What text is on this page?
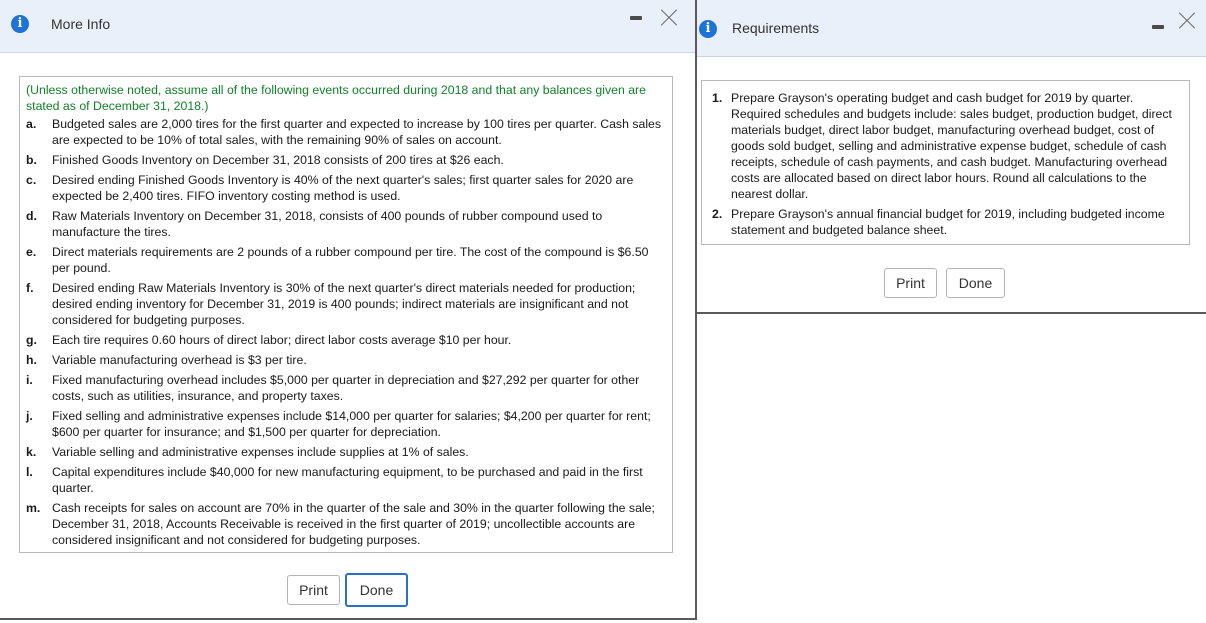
i	More Info
(Unless otherwise noted, assume all of the following events occurred during 2018 and that any balances given are stated as of December 31, 2018.)
a.	Budgeted sales are 2,000 tires for the first quarter and expected to increase by 100 tires per quarter. Cash sales are expected to be 10% of total sales, with the remaining 90% of sales on account.
b.	Finished Goods Inventory on December 31, 2018 consists of 200 tires at $26 each.
c.	Desired ending Finished Goods Inventory is 40% of the next quarter's sales; first quarter sales for 2020 are expected be 2,400 tires. FIFO inventory costing method is used.
d.	Raw Materials Inventory on December 31, 2018, consists of 400 pounds of rubber compound used to manufacture the tires.
e.	Direct materials requirements are 2 pounds of a rubber compound per tire. The cost of the compound is $6.50 per pound.
f.	Desired ending Raw Materials Inventory is 30% of the next quarter's direct materials needed for production; desired ending inventory for December 31, 2019 is 400 pounds; indirect materials are insignificant and not considered for budgeting purposes.
g.	Each tire requires 0.60 hours of direct labor; direct labor costs average $10 per hour.
h.	Variable manufacturing overhead is $3 per tire.
i.	Fixed manufacturing overhead includes $5,000 per quarter in depreciation and $27,292 per quarter for other costs, such as utilities, insurance, and property taxes.
j.	Fixed selling and administrative expenses include $14,000 per quarter for salaries; $4,200 per quarter for rent; $600 per quarter for insurance; and $1,500 per quarter for depreciation.
k.	Variable selling and administrative expenses include supplies at 1% of sales.
l.	Capital expenditures include $40,000 for new manufacturing equipment, to be purchased and paid in the first quarter.
m. Cash receipts for sales on account are 70% in the quarter of the sale and 30% in the quarter following the sale; December 31, 2018, Accounts Receivable is received in the first quarter of 2019; uncollectible accounts are considered insignificant and not considered for budgeting purposes.
Print	Done
i	Requirements
1. Prepare Grayson's operating budget and cash budget for 2019 by quarter. Required schedules and budgets include: sales budget, production budget, direct materials budget, direct labor budget, manufacturing overhead budget, cost of goods sold budget, selling and administrative expense budget, schedule of cash receipts, schedule of cash payments, and cash budget. Manufacturing overhead costs are allocated based on direct labor hours. Round all calculations to the nearest dollar.
2. Prepare Grayson's annual financial budget for 2019, including budgeted income statement and budgeted balance sheet.
Print	Done
